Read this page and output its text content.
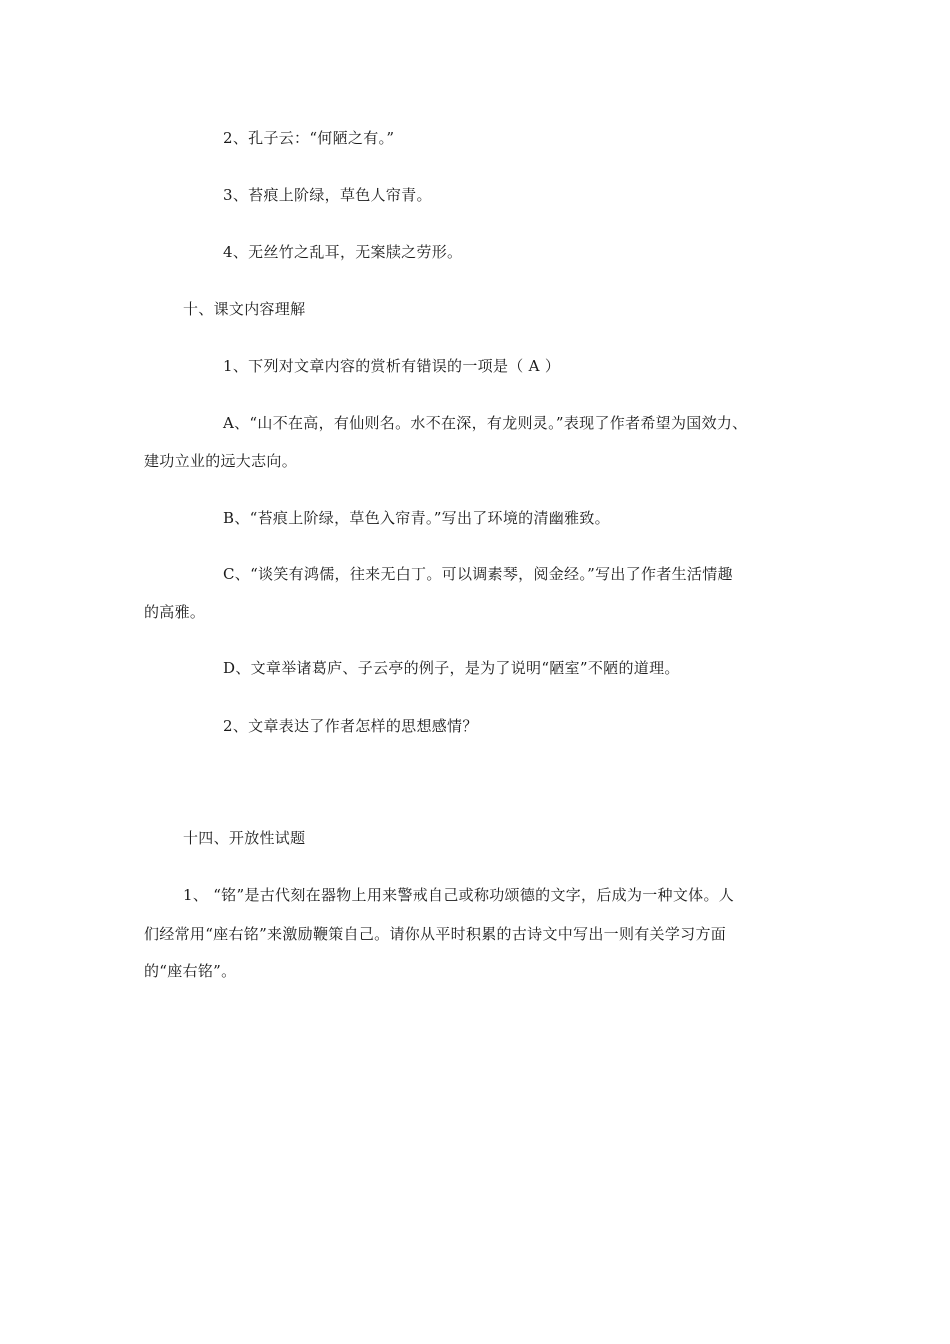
2、孔子云：“何陋之有。”
3、苔痕上阶绿，草色人帘青。
4、无丝竹之乱耳，无案牍之劳形。
十、课文内容理解
1、下列对文章内容的赏析有错误的一项是（ A ）
A、“山不在高，有仙则名。水不在深，有龙则灵。”表现了作者希望为国效力、
建功立业的远大志向。
B、“苔痕上阶绿，草色入帘青。”写出了环境的清幽雅致。
C、“谈笑有鸿儒，往来无白丁。可以调素琴，阅金经。”写出了作者生活情趣
的高雅。
D、文章举诸葛庐、子云亭的例子，是为了说明“陋室”不陋的道理。
2、文章表达了作者怎样的思想感情？
十四、开放性试题
1、 “铭”是古代刻在器物上用来警戒自己或称功颂德的文字，后成为一种文体。人
们经常用“座右铭”来激励鞭策自己。请你从平时积累的古诗文中写出一则有关学习方面
的“座右铭”。
